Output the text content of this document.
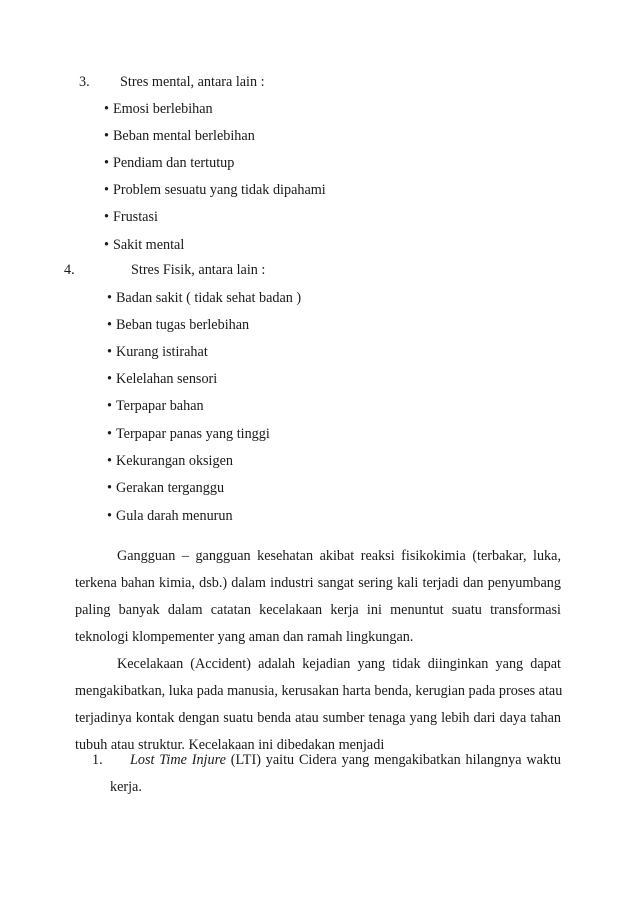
3. Stres mental, antara lain :
• Emosi berlebihan
• Beban mental berlebihan
• Pendiam dan tertutup
• Problem sesuatu yang tidak dipahami
• Frustasi
• Sakit mental
4.	Stres Fisik, antara lain :
• Badan sakit ( tidak sehat badan )
• Beban tugas berlebihan
• Kurang istirahat
• Kelelahan sensori
• Terpapar bahan
• Terpapar panas yang tinggi
• Kekurangan oksigen
• Gerakan terganggu
• Gula darah menurun
Gangguan – gangguan kesehatan akibat reaksi fisikokimia (terbakar, luka,
terkena bahan kimia, dsb.) dalam industri sangat sering kali terjadi dan penyumbang
paling banyak dalam catatan kecelakaan kerja ini menuntut suatu transformasi
teknologi klompementer yang aman dan ramah lingkungan.
Kecelakaan (Accident) adalah kejadian yang tidak diinginkan yang dapat
mengakibatkan, luka pada manusia, kerusakan harta benda, kerugian pada proses atau
terjadinya kontak dengan suatu benda atau sumber tenaga yang lebih dari daya tahan
tubuh atau struktur. Kecelakaan ini dibedakan menjadi
1. Lost Time Injure (LTI) yaitu Cidera yang mengakibatkan hilangnya waktu
kerja.
